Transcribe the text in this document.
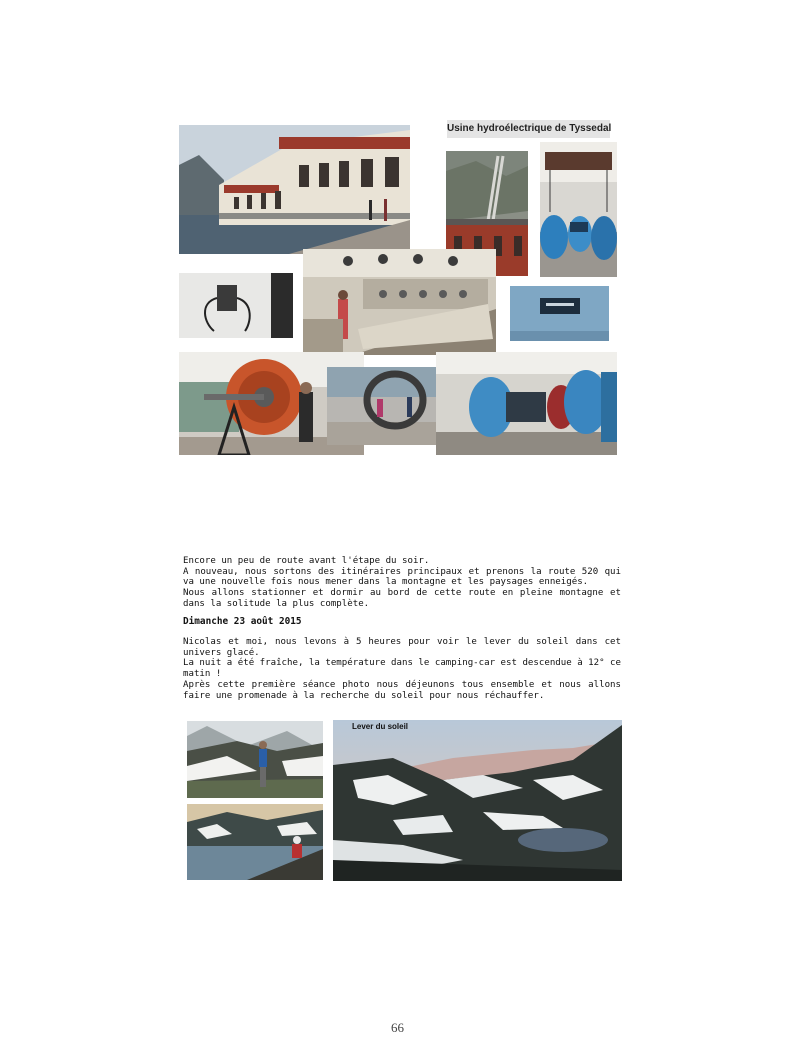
Usine hydroélectrique de Tyssedal

Encore un peu de route avant l'étape du soir.

A nouveau, nous sortons des itinéraires principaux et prenons la route 520 qui va une nouvelle fois nous mener dans la montagne et les paysages enneigés.

Nous allons stationner et dormir au bord de cette route en pleine montagne et dans la solitude la plus complète.

Dimanche 23 août 2015

Nicolas et moi, nous levons à 5 heures pour voir le lever du soleil dans cet univers glacé.

La nuit a été fraîche, la température dans le camping-car est descendue à 12° ce matin !

Après cette première séance photo nous déjeunons tous ensemble et nous allons faire une promenade à la recherche du soleil pour nous réchauffer.

Lever du soleil
66
